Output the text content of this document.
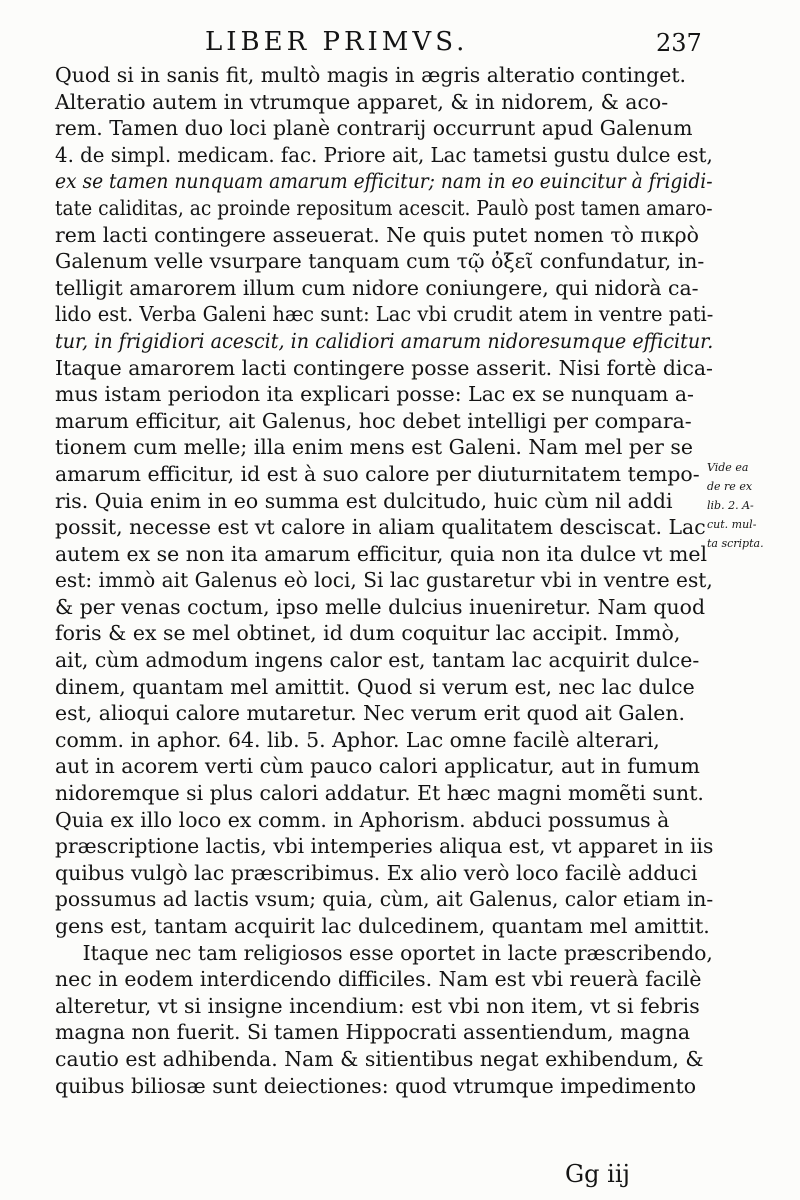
LIBER PRIMVS.	237
Quod si in sanis fit, multò magis in ægris alteratio continget.
Alteratio autem in vtrumque apparet, & in nidorem, & aco-
rem. Tamen duo loci planè contrarij occurrunt apud Galenum
4. de simpl. medicam. fac. Priore ait, Lac tametsi gustu dulce est,
ex se tamen nunquam amarum efficitur; nam in eo euincitur à frigidi-
tate caliditas, ac proinde repositum acescit. Paulò post tamen amaro-
rem lacti contingere asseuerat. Ne quis putet nomen τὸ πικρὸ
Galenum velle vsurpare tanquam cum τῷ ὀξεῖ confundatur, in-
telligit amarorem illum cum nidore coniungere, qui nidorà ca-
lido est. Verba Galeni hæc sunt: Lac vbi crudit atem in ventre pati-
tur, in frigidiori acescit, in calidiori amarum nidoresumque efficitur.
Itaque amarorem lacti contingere posse asserit. Nisi fortè dica-
mus istam periodon ita explicari posse: Lac ex se nunquam a-
marum efficitur, ait Galenus, hoc debet intelligi per compara-
tionem cum melle; illa enim mens est Galeni. Nam mel per se
amarum efficitur, id est à suo calore per diuturnitatem tempo-
ris. Quia enim in eo summa est dulcitudo, huic cùm nil addi
possit, necesse est vt calore in aliam qualitatem desciscat. Lac
autem ex se non ita amarum efficitur, quia non ita dulce vt mel
est: immò ait Galenus eò loci, Si lac gustaretur vbi in ventre est,
& per venas coctum, ipso melle dulcius inueniretur. Nam quod
foris & ex se mel obtinet, id dum coquitur lac accipit. Immò,
ait, cùm admodum ingens calor est, tantam lac acquirit dulce-
dinem, quantam mel amittit. Quod si verum est, nec lac dulce
est, alioqui calore mutaretur. Nec verum erit quod ait Galen.
comm. in aphor. 64. lib. 5. Aphor. Lac omne facilè alterari,
aut in acorem verti cùm pauco calori applicatur, aut in fumum
nidoremque si plus calori addatur. Et hæc magni momẽti sunt.
Quia ex illo loco ex comm. in Aphorism. abduci possumus à
præscriptione lactis, vbi intemperies aliqua est, vt apparet in iis
quibus vulgò lac præscribimus. Ex alio verò loco facilè adduci
possumus ad lactis vsum; quia, cùm, ait Galenus, calor etiam in-
gens est, tantam acquirit lac dulcedinem, quantam mel amittit.
Itaque nec tam religiosos esse oportet in lacte præscribendo,
nec in eodem interdicendo difficiles. Nam est vbi reuerà facilè
alteretur, vt si insigne incendium: est vbi non item, vt si febris
magna non fuerit. Si tamen Hippocrati assentiendum, magna
cautio est adhibenda. Nam & sitientibus negat exhibendum, &
quibus biliosæ sunt deiectiones: quod vtrumque impedimento
Vide ea
de re ex
lib. 2. A-
cut. mul-
ta scripta.
Gg iij
